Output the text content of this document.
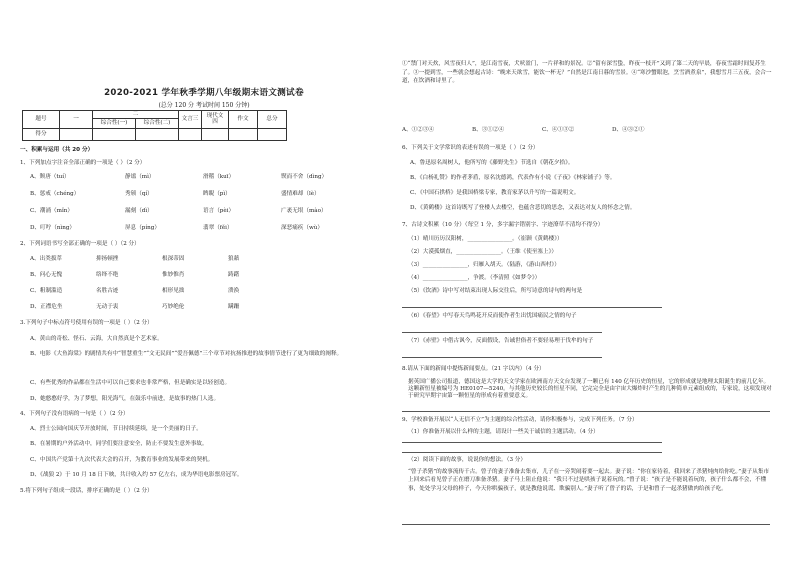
2020-2021 学年秋季学期八年级期末语文测试卷
(总分 120 分 考试时间 150 分钟)
题号	一	二		文言三	现代文四	作文	总分
		综合性(一)	综合性(二)				
得分							
一、积累与运用（共 20 分）
1、下列加点字注音全部正确的一项是（ ）（2 分）
A、颓唐（tuí）	静谧（mì）	滑稽（kuī）	锲而不舍（dìng）
B、惩戒（chéng）	秀颀（qí）	睥睨（pì）	盛情难却（lè）
C、潮涌（mǐn）	漏刻（dì）	语言（pèi）	广袤无垠（mào）
D、叮咛（nìng）	屏息（píng）	翡翠（fěi）	深恶痛疾（wù）
2、下列词语书写全部正确的一项是（ ）（2 分）
A、出类拔萃	抑扬顿挫	根深蒂固	狼藉
B、问心无愧	络绎不绝	惟妙惟肖	踌躇
C、粗制滥造	名胜古迹	相形见拙	溃涣
D、正襟危坐	无动于衷	巧妙绝伦	蹒跚
3.下列句子中标点符号使用有误的一项是（ ）（2 分）
A、黄山的奇松、怪石、云海，大自然真是个艺术家。
B、电影《大鱼海棠》的剧情共有中“智慧重生”“文无民间”“爱吾佩德”三个章节对抗扬推进的故事情节进行了更为细致的阐释。
C、有些优秀的作品都在生活中可以自己要求也非常严格，但是确实是以轻创造。
D、她憨憨好学，为了梦想，阳光海气，在鼓乐中前进，是故事的热门人选。
4、下列句子没有语病的一句是（ ）（2 分）
A、烈士公园向国庆节开放时间，节日持续延续，是一个美丽的日子。
B、在暑期的户外活动中，同学们要注意安全，防止不要发生意外事故。
C、中国共产党第十九次代表大会的召开，为教育事业的发展带来的契机。
D、《战狼 2》于 10 月 18 日下映，共计收入约 57 亿左右，成为华语电影票房冠军。
5.将下列句子组成一段话，排序正确的是（ ）（2 分）
①“禁门对天炊，风雪夜归人”，是江南雪夜，犬吠盈门，一片祥和的景况。②“留有深雪蛰，昨夜一枝开”又到了第二天的早晨，春夜雪霜时间复苏生了。③一提到雪，一些就会想起古诗：“晚来天欲雪，能饮一杯无？”自然是江南日暮的雪景。④“寒沙蟹眼泡，烹雪酒煮泉”，我想雪月三五夜，会合一道，在饮酒和诗里了。
A、①②③④	B、③①②④	C、④①③②	D、④③②①
6、下列关于文学常识的表述有误的一项是（ ）（2 分）
A、鲁迅原名周树人，他所写的《藤野先生》节选自《朝花夕拾》。
B、《白杨礼赞》的作者茅盾，原名沈德鸿，代表作有小说《子夜》《林家铺子》等。
C、《中国石拱桥》是我国桥梁专家，教育家茅以升写的一篇说明文。
D、《黄鹤楼》这首诗既写了登楼人去楼空，也蕴含悲切的思念，又表达对友人的怀念之情。
7、古诗文积累（10 分）（每空 1 分，多字漏字错别字、字迹潦草不清均不得分）
（1）晴川历历汉阳树，________________。（崔颢《黄鹤楼》）
（2）大漠孤烟直，________________。（王维《使至塞上》）
（3）________________，归雁入胡天。（陆游，《游山西村》）
（4）________________，争渡。（李清照《如梦令》）
（5）《饮酒》诗中写对结束出现人际交往后，所写诗意的诗句的两句是
（6）《春望》中写春天鸟鸣花开反而使作者生出忧国痛民之情的句子
（7）《赤壁》中借古讽今，反面假设，告诫世俗者不要轻易理于伐牟的句子
8.请从下面的新闻中提炼新闻要点。（21 字以内）（4 分）
据英国广播公司报道，德国这是大学的天文学家在欧洲南方天文台发现了一颗已有 140 亿年历史的恒星，它的形成就是地理太阳诞生的前几亿年。这颗新恒星被编号为 HE0107—5240。与其他历史较长的恒星不同，它完完全是由宇宙大爆炸时产生的几种简单元素组成的，专家说，这项发现对于研究早期宇宙第一颗恒星的形成有着重要意义。
9、学校准备开展以“人无信不立”为主题的综合性活动，请你积极参与，完成下列任务。（7 分）
（1）你准备开展以什么样的主题，请设计一些关于诚信的主题活动。（4 分）
（2）阅读下面的故事，说说你的想法。（3 分）
“曾子杀猪”的故事流传千古。曾子的妻子准备去集市，儿子在一旁哭闹着要一起去。妻子说：“你在家待着，我回来了杀猪炖肉给你吃。”妻子从集市上回来后看见曾子正在磨刀准备杀猪。妻子马上阻止他说：“我只不过是哄孩子说着玩的。”曾子说：“孩子是不能说着玩的，孩子什么都不会，不懂事，处处学习父母的样子，今天你哄骗孩子，就是教他说谎、欺骗别人。”妻子听了曾子的话，于是和曾子一起杀猪做肉给孩子吃。
